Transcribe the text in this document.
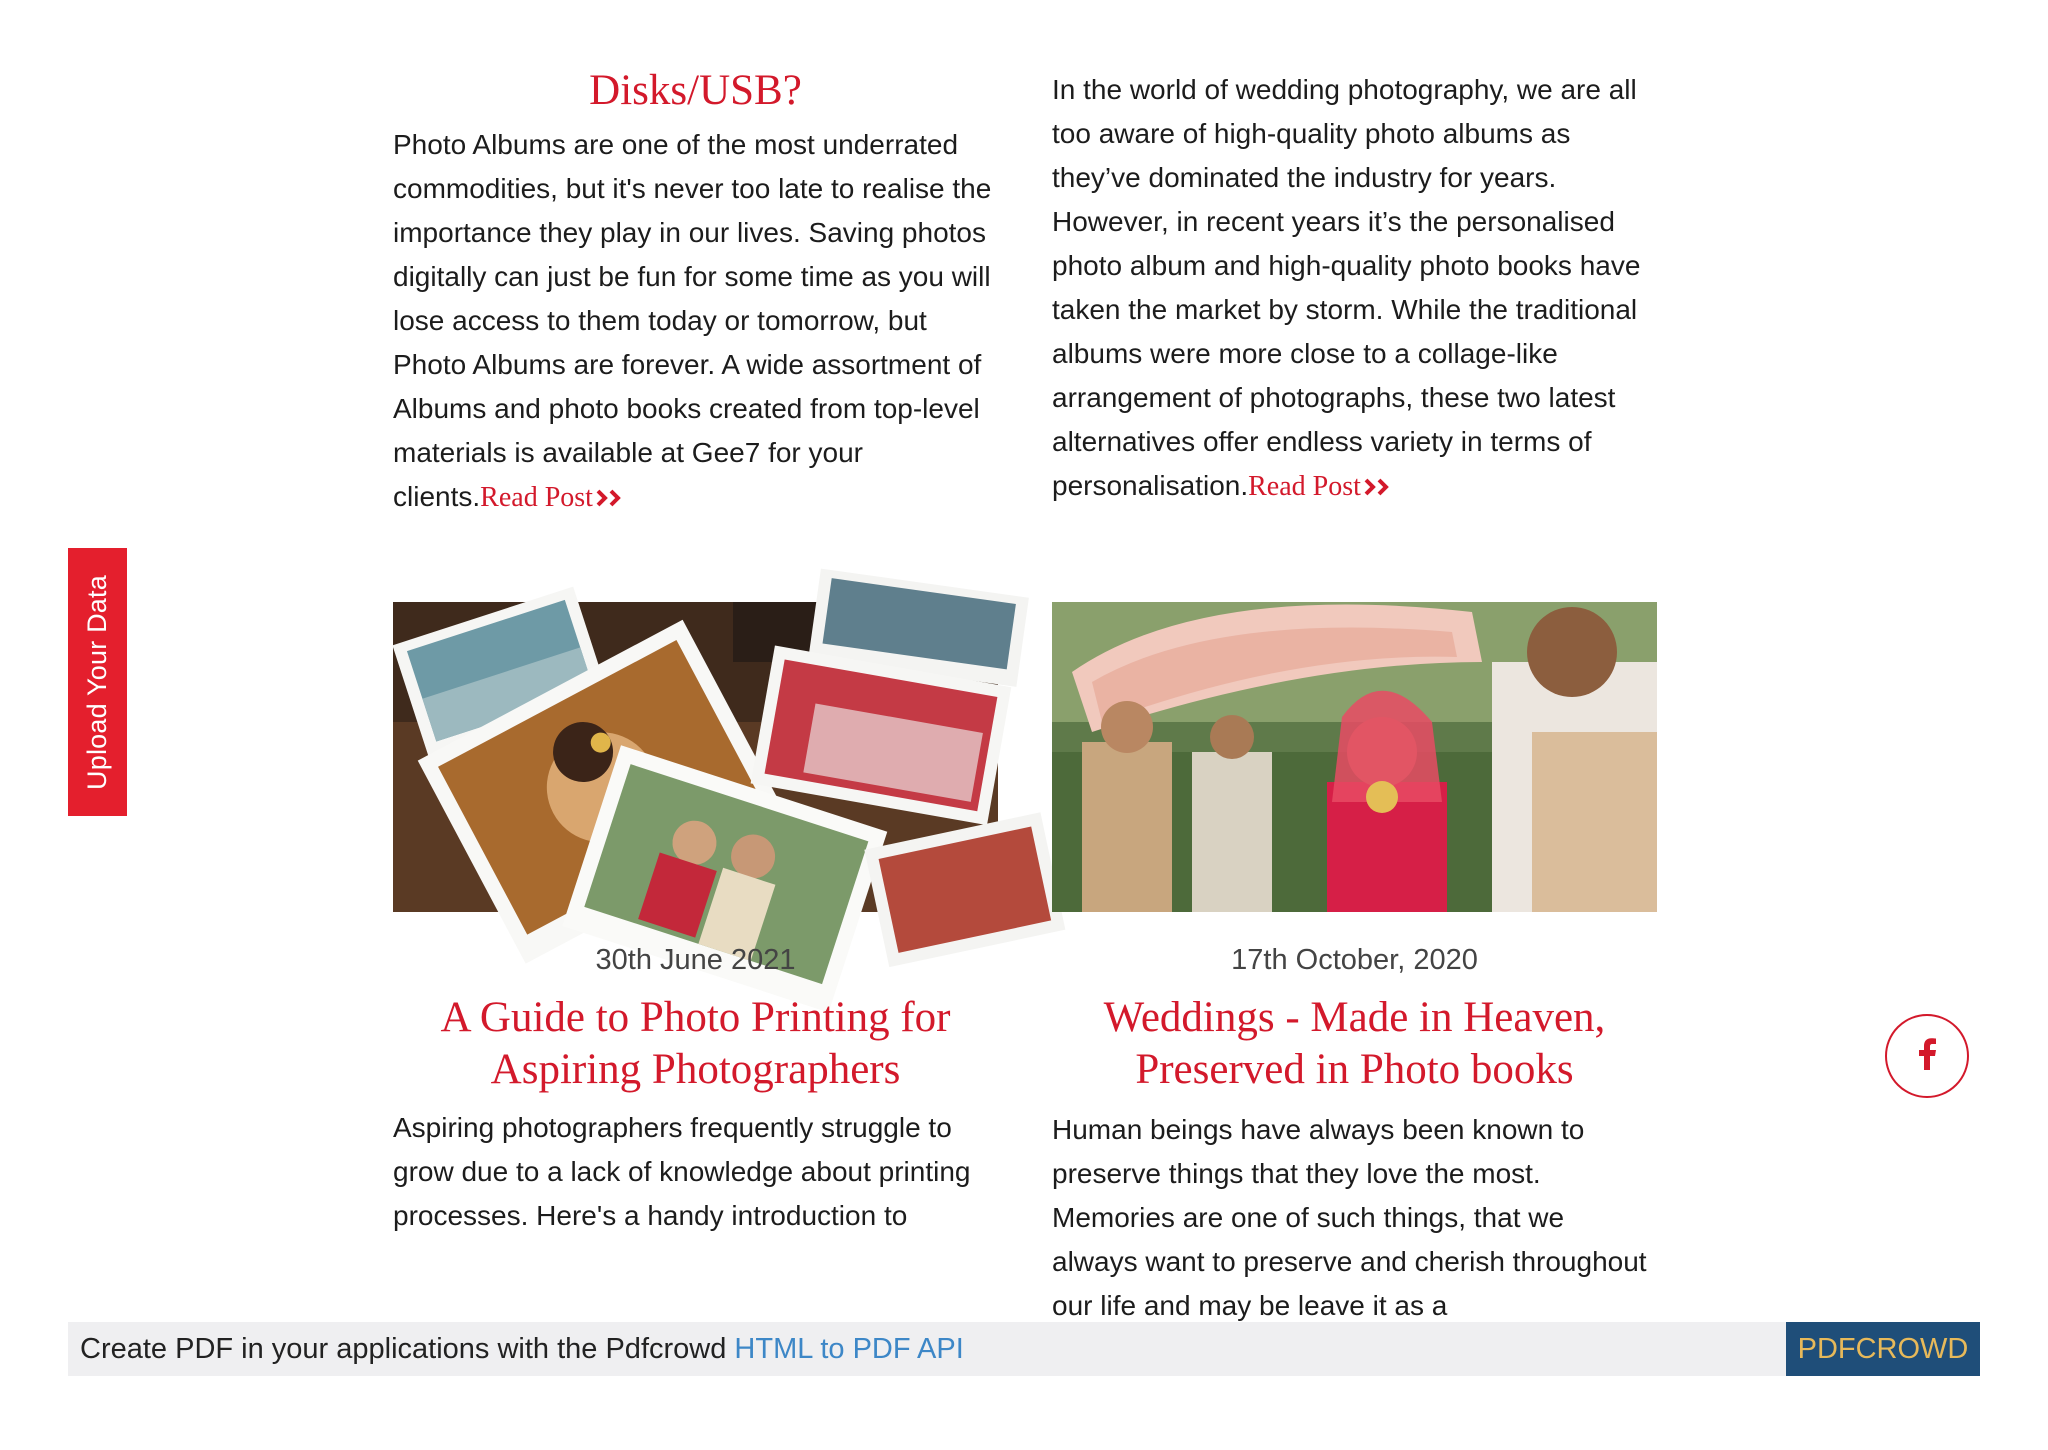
Disks/USB?

Photo Albums are one of the most underrated commodities, but it's never too late to realise the importance they play in our lives. Saving photos digitally can just be fun for some time as you will lose access to them today or tomorrow, but Photo Albums are forever. A wide assortment of Albums and photo books created from top-level materials is available at Gee7 for your clients.Read Post

In the world of wedding photography, we are all too aware of high-quality photo albums as they’ve dominated the industry for years. However, in recent years it’s the personalised photo album and high-quality photo books have taken the market by storm. While the traditional albums were more close to a collage-like arrangement of photographs, these two latest alternatives offer endless variety in terms of personalisation.Read Post

30th June 2021
A Guide to Photo Printing for Aspiring Photographers

Aspiring photographers frequently struggle to grow due to a lack of knowledge about printing processes. Here's a handy introduction to

17th October, 2020
Weddings - Made in Heaven, Preserved in Photo books

Human beings have always been known to preserve things that they love the most. Memories are one of such things, that we always want to preserve and cherish throughout our life and may be leave it as a

Upload Your Data
Create PDF in your applications with the Pdfcrowd HTML to PDF API	PDFCROWD
